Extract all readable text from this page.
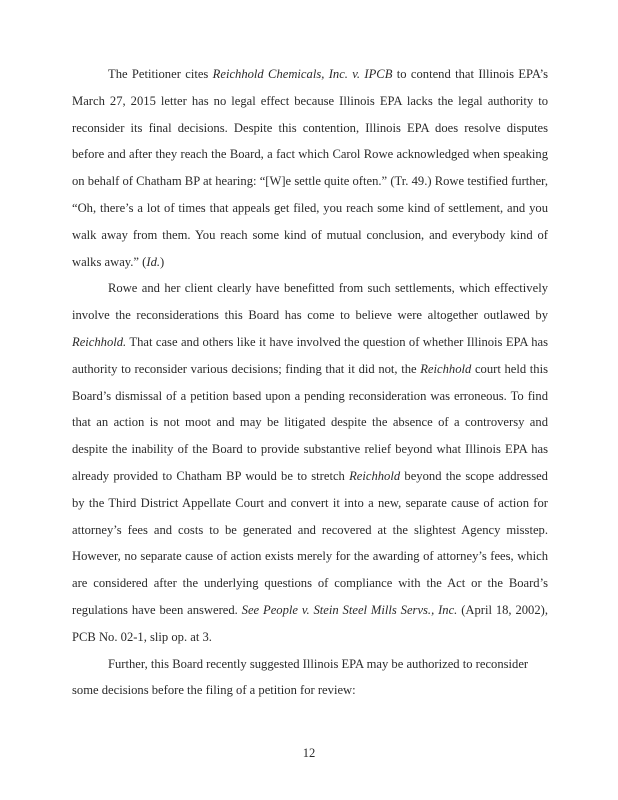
The Petitioner cites Reichhold Chemicals, Inc. v. IPCB to contend that Illinois EPA’s March 27, 2015 letter has no legal effect because Illinois EPA lacks the legal authority to reconsider its final decisions. Despite this contention, Illinois EPA does resolve disputes before and after they reach the Board, a fact which Carol Rowe acknowledged when speaking on behalf of Chatham BP at hearing: “[W]e settle quite often.” (Tr. 49.) Rowe testified further, “Oh, there’s a lot of times that appeals get filed, you reach some kind of settlement, and you walk away from them. You reach some kind of mutual conclusion, and everybody kind of walks away.” (Id.)

Rowe and her client clearly have benefitted from such settlements, which effectively involve the reconsiderations this Board has come to believe were altogether outlawed by Reichhold. That case and others like it have involved the question of whether Illinois EPA has authority to reconsider various decisions; finding that it did not, the Reichhold court held this Board’s dismissal of a petition based upon a pending reconsideration was erroneous. To find that an action is not moot and may be litigated despite the absence of a controversy and despite the inability of the Board to provide substantive relief beyond what Illinois EPA has already provided to Chatham BP would be to stretch Reichhold beyond the scope addressed by the Third District Appellate Court and convert it into a new, separate cause of action for attorney’s fees and costs to be generated and recovered at the slightest Agency misstep. However, no separate cause of action exists merely for the awarding of attorney’s fees, which are considered after the underlying questions of compliance with the Act or the Board’s regulations have been answered. See People v. Stein Steel Mills Servs., Inc. (April 18, 2002), PCB No. 02-1, slip op. at 3.

Further, this Board recently suggested Illinois EPA may be authorized to reconsider some decisions before the filing of a petition for review:

12
